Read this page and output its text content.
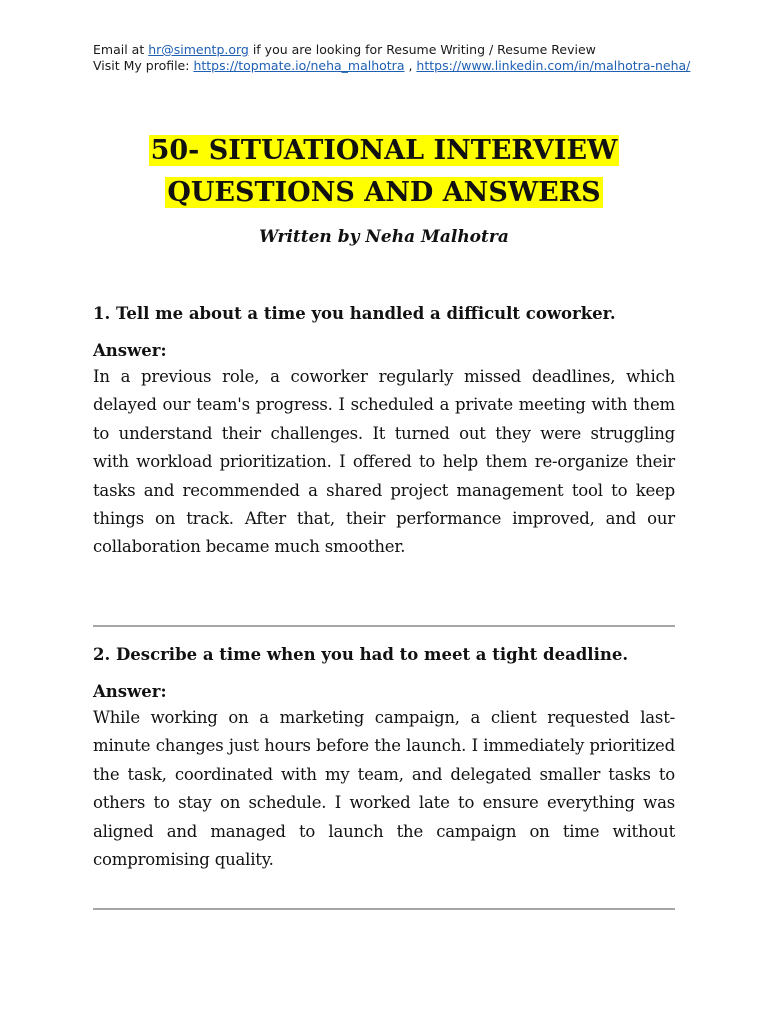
Email at hr@simentp.org if you are looking for Resume Writing / Resume Review
Visit My profile: https://topmate.io/neha_malhotra , https://www.linkedin.com/in/malhotra-neha/
50- SITUATIONAL INTERVIEW
QUESTIONS AND ANSWERS
Written by Neha Malhotra

1. Tell me about a time you handled a difficult coworker.

Answer:

In a previous role, a coworker regularly missed deadlines, which delayed our team's progress. I scheduled a private meeting with them to understand their challenges. It turned out they were struggling with workload prioritization. I offered to help them re-organize their tasks and recommended a shared project management tool to keep things on track. After that, their performance improved, and our collaboration became much smoother.

2. Describe a time when you had to meet a tight deadline.

Answer:

While working on a marketing campaign, a client requested last-minute changes just hours before the launch. I immediately prioritized the task, coordinated with my team, and delegated smaller tasks to others to stay on schedule. I worked late to ensure everything was aligned and managed to launch the campaign on time without compromising quality.
